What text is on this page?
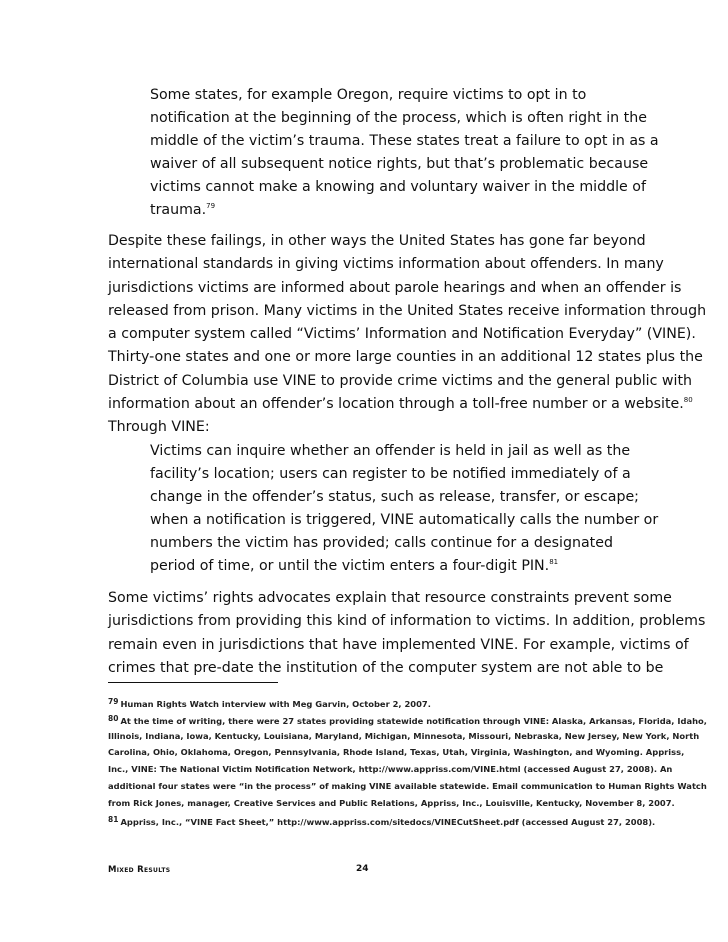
Some states, for example Oregon, require victims to opt in to
notification at the beginning of the process, which is often right in the
middle of the victim’s trauma. These states treat a failure to opt in as a
waiver of all subsequent notice rights, but that’s problematic because
victims cannot make a knowing and voluntary waiver in the middle of
trauma.$^{79}$
Despite these failings, in other ways the United States has gone far beyond
international standards in giving victims information about offenders. In many
jurisdictions victims are informed about parole hearings and when an offender is
released from prison. Many victims in the United States receive information through
a computer system called “Victims’ Information and Notification Everyday” (VINE).
Thirty-one states and one or more large counties in an additional 12 states plus the
District of Columbia use VINE to provide crime victims and the general public with
information about an offender’s location through a toll-free number or a website.$^{80}$
Through VINE:
Victims can inquire whether an offender is held in jail as well as the
facility’s location; users can register to be notified immediately of a
change in the offender’s status, such as release, transfer, or escape;
when a notification is triggered, VINE automatically calls the number or
numbers the victim has provided; calls continue for a designated
period of time, or until the victim enters a four-digit PIN.$^{81}$
Some victims’ rights advocates explain that resource constraints prevent some
jurisdictions from providing this kind of information to victims. In addition, problems
remain even in jurisdictions that have implemented VINE. For example, victims of
crimes that pre-date the institution of the computer system are not able to be
79 Human Rights Watch interview with Meg Garvin, October 2, 2007.
80 At the time of writing, there were 27 states providing statewide notification through VINE: Alaska, Arkansas, Florida, Idaho,
Illinois, Indiana, Iowa, Kentucky, Louisiana, Maryland, Michigan, Minnesota, Missouri, Nebraska, New Jersey, New York, North
Carolina, Ohio, Oklahoma, Oregon, Pennsylvania, Rhode Island, Texas, Utah, Virginia, Washington, and Wyoming. Appriss,
Inc., VINE: The National Victim Notification Network, http://www.appriss.com/VINE.html (accessed August 27, 2008). An
additional four states were “in the process” of making VINE available statewide. Email communication to Human Rights Watch
from Rick Jones, manager, Creative Services and Public Relations, Appriss, Inc., Louisville, Kentucky, November 8, 2007.
81 Appriss, Inc., “VINE Fact Sheet,” http://www.appriss.com/sitedocs/VINECutSheet.pdf (accessed August 27, 2008).
Mixed Results	24
